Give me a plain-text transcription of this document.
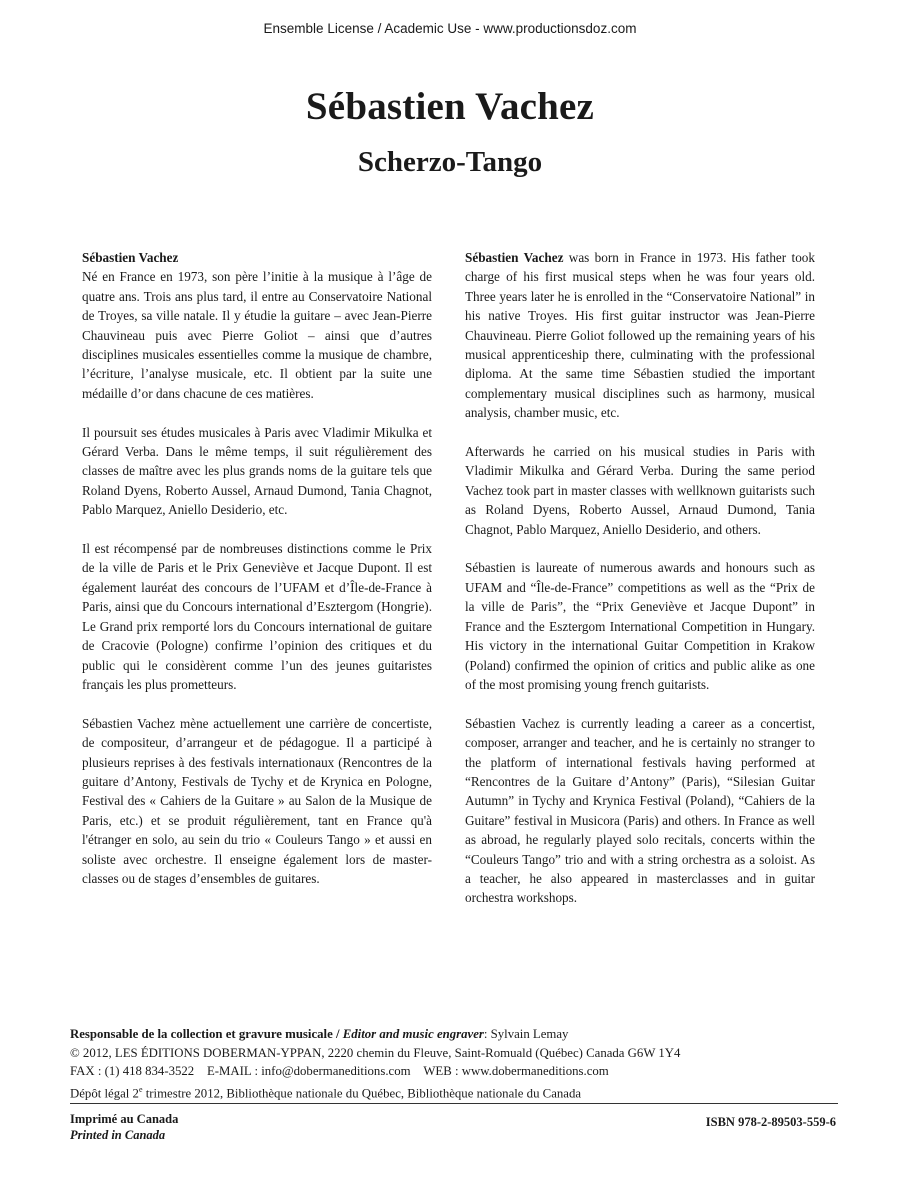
Ensemble License / Academic Use - www.productionsdoz.com
Sébastien Vachez
Scherzo-Tango

Sébastien Vachez

Né en France en 1973, son père l’initie à la musique à l’âge de quatre ans. Trois ans plus tard, il entre au Conservatoire National de Troyes, sa ville natale. Il y étudie la guitare – avec Jean-Pierre Chauvineau puis avec Pierre Goliot – ainsi que d’autres disciplines musicales essentielles comme la musique de chambre, l’écriture, l’analyse musicale, etc. Il obtient par la suite une médaille d’or dans chacune de ces matières.

Il poursuit ses études musicales à Paris avec Vladimir Mikulka et Gérard Verba. Dans le même temps, il suit régulièrement des classes de maître avec les plus grands noms de la guitare tels que Roland Dyens, Roberto Aussel, Arnaud Dumond, Tania Chagnot, Pablo Marquez, Aniello Desiderio, etc.

Il est récompensé par de nombreuses distinctions comme le Prix de la ville de Paris et le Prix Geneviève et Jacque Dupont. Il est également lauréat des concours de l’UFAM et d’Île-de-France à Paris, ainsi que du Concours international d’Esztergom (Hongrie). Le Grand prix remporté lors du Concours international de guitare de Cracovie (Pologne) confirme l’opinion des critiques et du public qui le considèrent comme l’un des jeunes guitaristes français les plus prometteurs.

Sébastien Vachez mène actuellement une carrière de concertiste, de compositeur, d’arrangeur et de pédagogue. Il a participé à plusieurs reprises à des festivals internationaux (Rencontres de la guitare d’Antony, Festivals de Tychy et de Krynica en Pologne, Festival des « Cahiers de la Guitare » au Salon de la Musique de Paris, etc.) et se produit régulièrement, tant en France qu'à l'étranger en solo, au sein du trio « Couleurs Tango » et aussi en soliste avec orchestre. Il enseigne également lors de master-classes ou de stages d’ensembles de guitares.

Sébastien Vachez was born in France in 1973. His father took charge of his first musical steps when he was four years old. Three years later he is enrolled in the “Conservatoire National” in his native Troyes. His first guitar instructor was Jean-Pierre Chauvineau. Pierre Goliot followed up the remaining years of his musical apprenticeship there, culminating with the professional diploma. At the same time Sébastien studied the important complementary musical disciplines such as harmony, musical analysis, chamber music, etc.

Afterwards he carried on his musical studies in Paris with Vladimir Mikulka and Gérard Verba. During the same period Vachez took part in master classes with wellknown guitarists such as Roland Dyens, Roberto Aussel, Arnaud Dumond, Tania Chagnot, Pablo Marquez, Aniello Desiderio, and others.

Sébastien is laureate of numerous awards and honours such as UFAM and “Île-de-France” competitions as well as the “Prix de la ville de Paris”, the “Prix Geneviève et Jacque Dupont” in France and the Esztergom International Competition in Hungary. His victory in the international Guitar Competition in Krakow (Poland) confirmed the opinion of critics and public alike as one of the most promising young french guitarists.

Sébastien Vachez is currently leading a career as a concertist, composer, arranger and teacher, and he is certainly no stranger to the platform of international festivals having performed at “Rencontres de la Guitare d’Antony” (Paris), “Silesian Guitar Autumn” in Tychy and Krynica Festival (Poland), “Cahiers de la Guitare” festival in Musicora (Paris) and others. In France as well as abroad, he regularly played solo recitals, concerts within the “Couleurs Tango” trio and with a string orchestra as a soloist. As a teacher, he also appeared in masterclasses and in guitar orchestra workshops.

Responsable de la collection et gravure musicale / Editor and music engraver: Sylvain Lemay
© 2012, LES ÉDITIONS DOBERMAN-YPPAN, 2220 chemin du Fleuve, Saint-Romuald (Québec) Canada G6W 1Y4
FAX : (1) 418 834-3522 E-MAIL : info@dobermaneditions.com WEB : www.dobermaneditions.com
Dépôt légal 2e trimestre 2012, Bibliothèque nationale du Québec, Bibliothèque nationale du Canada
Imprimé au Canada
Printed in Canada
ISBN 978-2-89503-559-6
